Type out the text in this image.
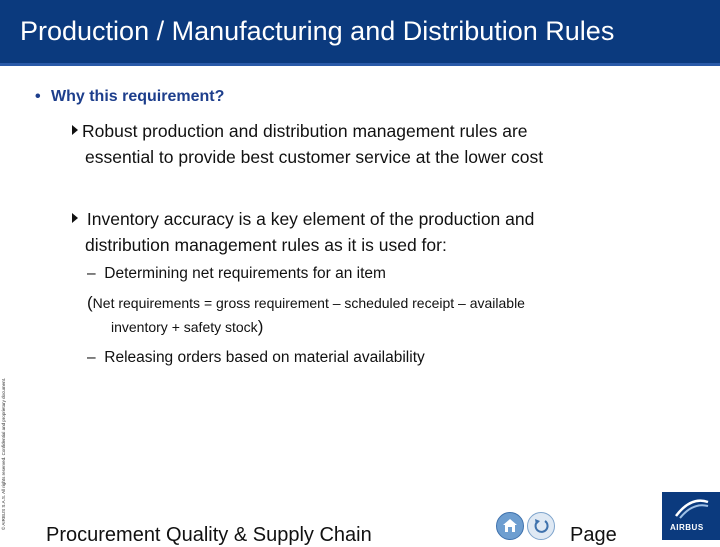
Production / Manufacturing and Distribution Rules
• Why this requirement?
Robust production and distribution management rules are
essential to provide best customer service at the lower cost
Inventory accuracy is a key element of the production and
distribution management rules as it is used for:
– Determining net requirements for an item
(Net requirements = gross requirement – scheduled receipt – available
inventory + safety stock)
– Releasing orders based on material availability
© AIRBUS S.A.S. All rights reserved. Confidential and proprietary document.
Procurement Quality & Supply Chain	Page	AIRBUS
